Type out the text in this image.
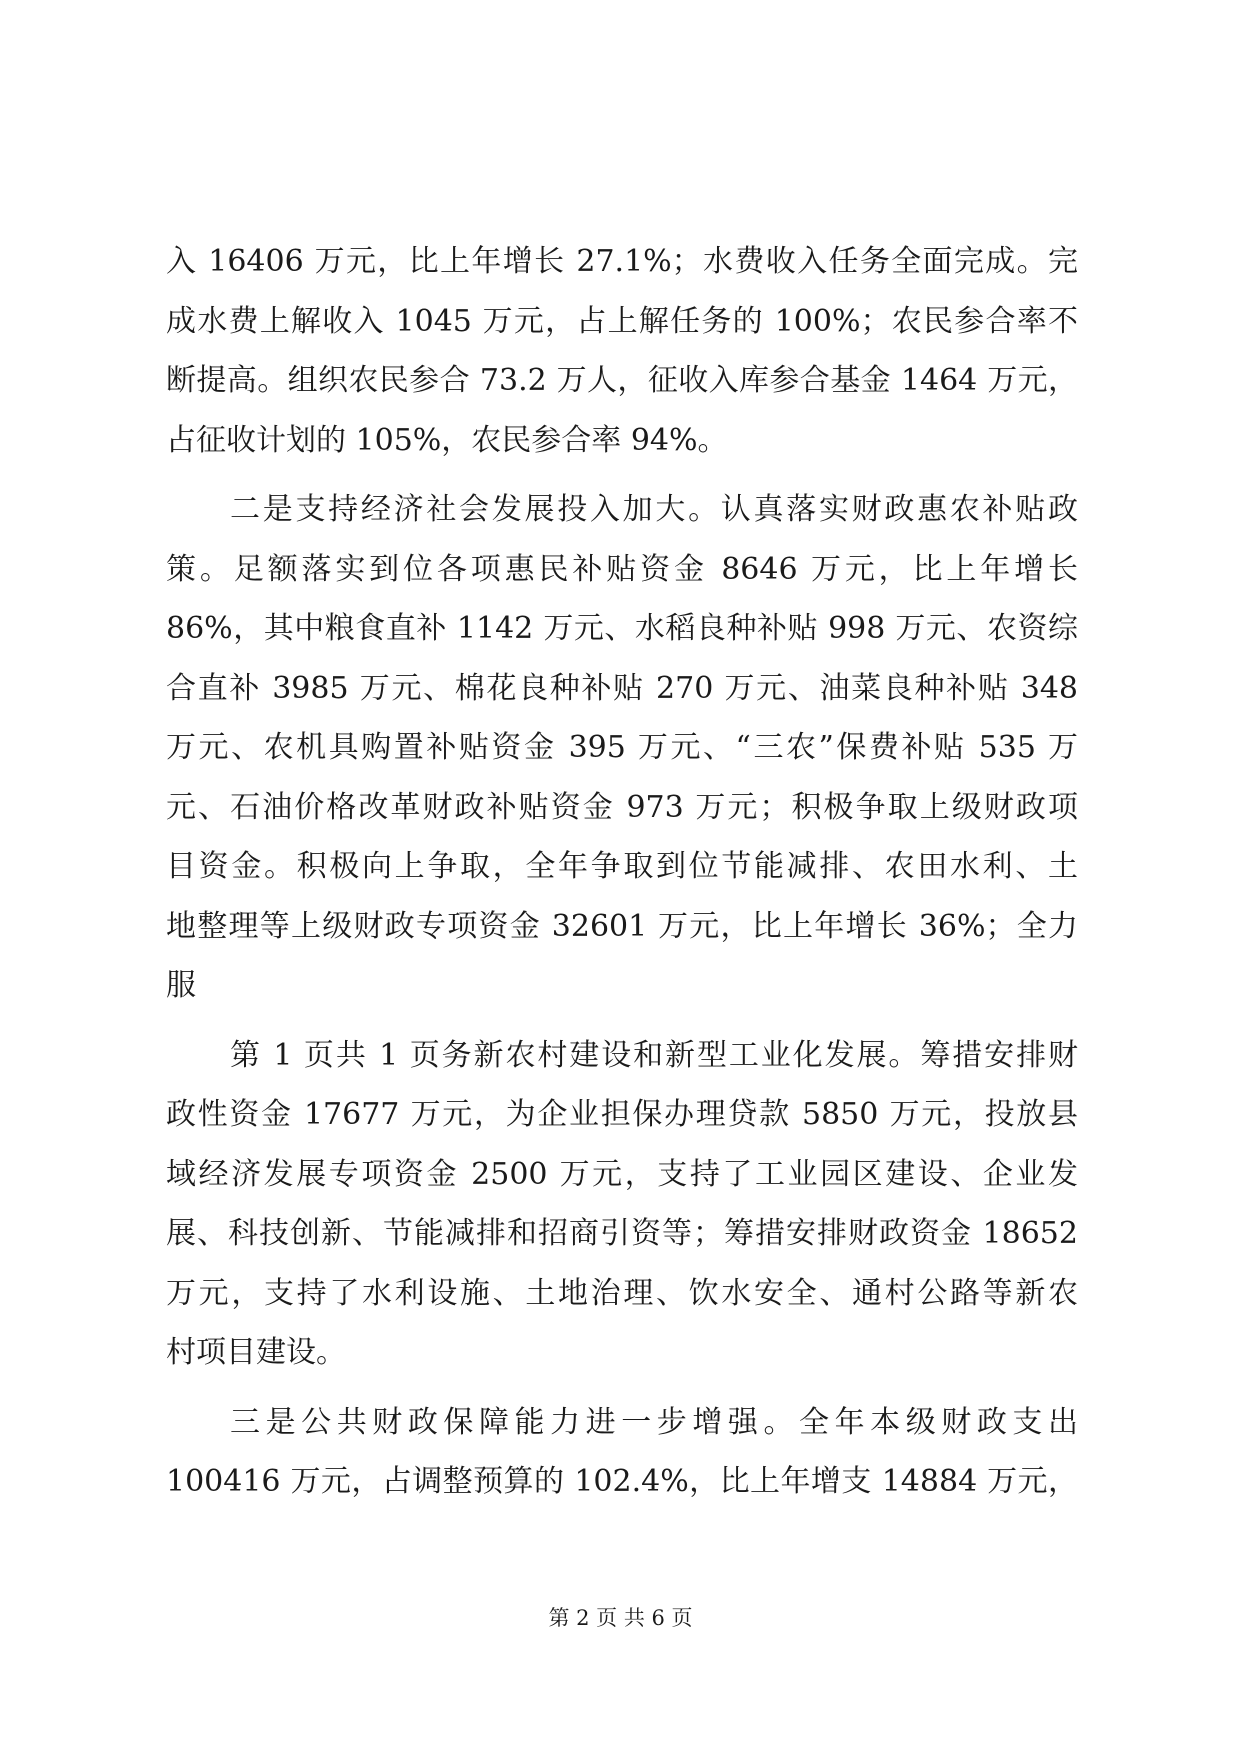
入 16406 万元，比上年增长 27.1%；水费收入任务全面完成。完
成水费上解收入 1045 万元，占上解任务的 100%；农民参合率不
断提高。组织农民参合 73.2 万人，征收入库参合基金 1464 万元，
占征收计划的 105%，农民参合率 94%。
二是支持经济社会发展投入加大。认真落实财政惠农补贴政
策。足额落实到位各项惠民补贴资金 8646 万元，比上年增长
86%，其中粮食直补 1142 万元、水稻良种补贴 998 万元、农资综
合直补 3985 万元、棉花良种补贴 270 万元、油菜良种补贴 348
万元、农机具购置补贴资金 395 万元、“三农”保费补贴 535 万
元、石油价格改革财政补贴资金 973 万元；积极争取上级财政项
目资金。积极向上争取，全年争取到位节能减排、农田水利、土
地整理等上级财政专项资金 32601 万元，比上年增长 36%；全力
服
第 1 页共 1 页务新农村建设和新型工业化发展。筹措安排财
政性资金 17677 万元，为企业担保办理贷款 5850 万元，投放县
域经济发展专项资金 2500 万元，支持了工业园区建设、企业发
展、科技创新、节能减排和招商引资等；筹措安排财政资金 18652
万元，支持了水利设施、土地治理、饮水安全、通村公路等新农
村项目建设。
三是公共财政保障能力进一步增强。全年本级财政支出
100416 万元，占调整预算的 102.4%，比上年增支 14884 万元，
第 2 页 共 6 页
